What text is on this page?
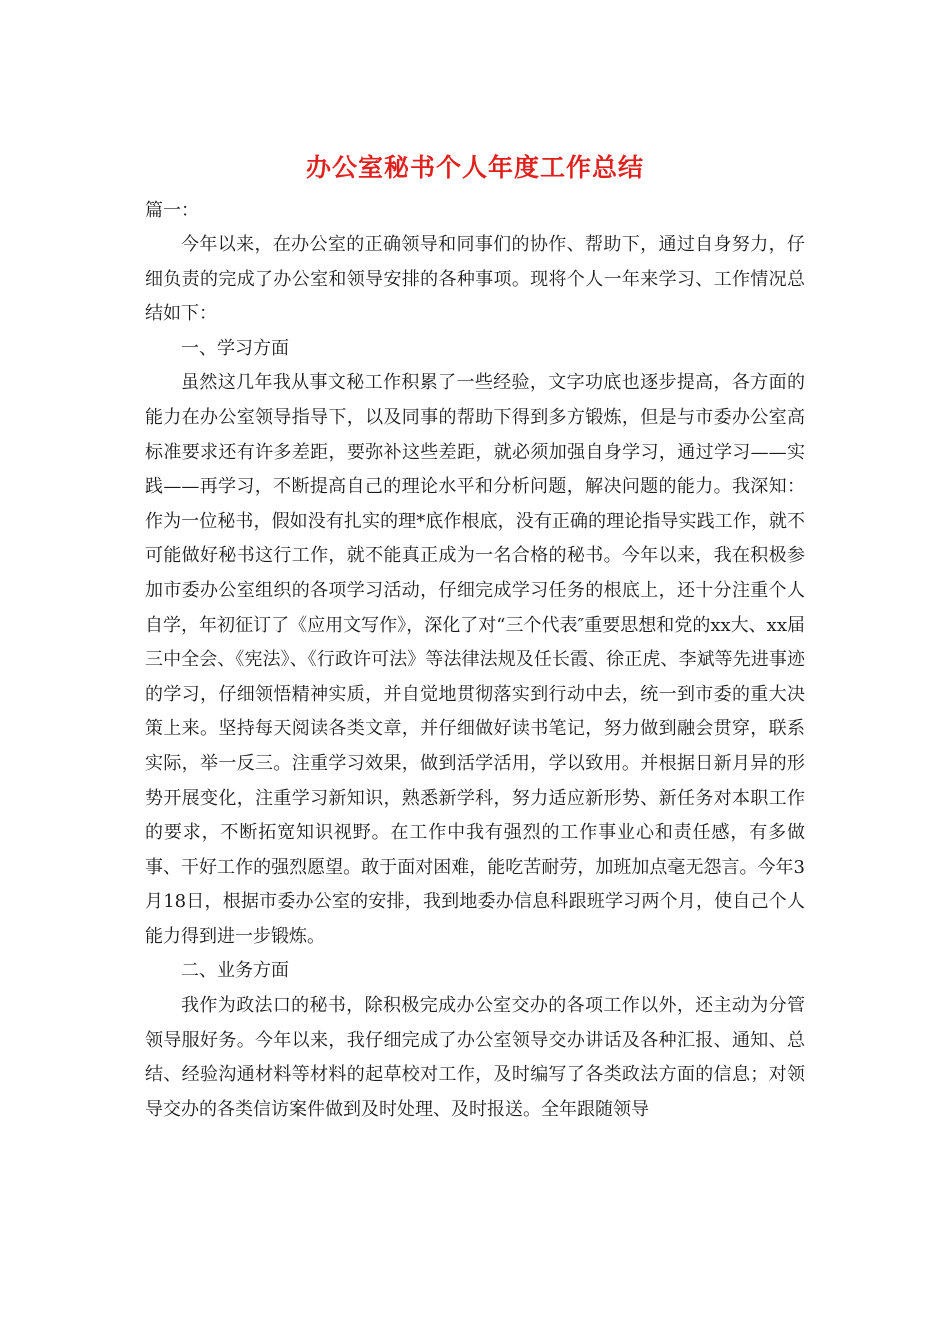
办公室秘书个人年度工作总结

篇一：

今年以来，在办公室的正确领导和同事们的协作、帮助下，通过自身努力，仔细负责的完成了办公室和领导安排的各种事项。现将个人一年来学习、工作情况总结如下：

一、学习方面

虽然这几年我从事文秘工作积累了一些经验，文字功底也逐步提高，各方面的能力在办公室领导指导下，以及同事的帮助下得到多方锻炼，但是与市委办公室高标准要求还有许多差距，要弥补这些差距，就必须加强自身学习，通过学习——实践——再学习，不断提高自己的理论水平和分析问题，解决问题的能力。我深知：作为一位秘书，假如没有扎实的理*底作根底，没有正确的理论指导实践工作，就不可能做好秘书这行工作，就不能真正成为一名合格的秘书。今年以来，我在积极参加市委办公室组织的各项学习活动，仔细完成学习任务的根底上，还十分注重个人自学，年初征订了《应用文写作》，深化了对“三个代表″重要思想和党的xx大、xx届三中全会、《宪法》、《行政许可法》等法律法规及任长霞、徐正虎、李斌等先进事迹的学习，仔细领悟精神实质，并自觉地贯彻落实到行动中去，统一到市委的重大决策上来。坚持每天阅读各类文章，并仔细做好读书笔记，努力做到融会贯穿，联系实际，举一反三。注重学习效果，做到活学活用，学以致用。并根据日新月异的形势开展变化，注重学习新知识，熟悉新学科，努力适应新形势、新任务对本职工作的要求，不断拓宽知识视野。在工作中我有强烈的工作事业心和责任感，有多做事、干好工作的强烈愿望。敢于面对困难，能吃苦耐劳，加班加点毫无怨言。今年3月18日，根据市委办公室的安排，我到地委办信息科跟班学习两个月，使自己个人能力得到进一步锻炼。

二、业务方面

我作为政法口的秘书，除积极完成办公室交办的各项工作以外，还主动为分管领导服好务。今年以来，我仔细完成了办公室领导交办讲话及各种汇报、通知、总结、经验沟通材料等材料的起草校对工作，及时编写了各类政法方面的信息；对领导交办的各类信访案件做到及时处理、及时报送。全年跟随领导
